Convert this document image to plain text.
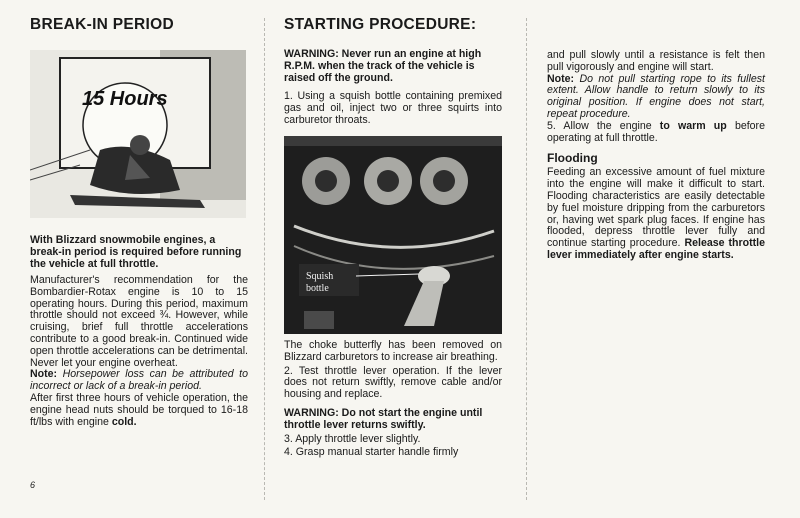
BREAK-IN PERIOD
15 Hours

With Blizzard snowmobile engines, a break-in period is required before running the vehicle at full throttle.

Manufacturer's recommendation for the Bombardier-Rotax engine is 10 to 15 operating hours. During this period, maximum throttle should not exceed ¾. However, while cruising, brief full throttle accelerations contribute to a good break-in. Continued wide open throttle accelerations can be detrimental. Never let your engine overheat.

Note: Horsepower loss can be attributed to incorrect or lack of a break-in period.

After first three hours of vehicle operation, the engine head nuts should be torqued to 16-18 ft/lbs with engine cold.

6
STARTING PROCEDURE:

WARNING: Never run an engine at high R.P.M. when the track of the vehicle is raised off the ground.

1. Using a squish bottle containing premixed gas and oil, inject two or three squirts into carburetor throats.

Squish
bottle

The choke butterfly has been removed on Blizzard carburetors to increase air breathing.

2. Test throttle lever operation. If the lever does not return swiftly, remove cable and/or housing and replace.

WARNING: Do not start the engine until throttle lever returns swiftly.

3. Apply throttle lever slightly.

4. Grasp manual starter handle firmly

and pull slowly until a resistance is felt then pull vigorously and engine will start.

Note: Do not pull starting rope to its fullest extent. Allow handle to return slowly to its original position. If engine does not start, repeat procedure.

5. Allow the engine to warm up before operating at full throttle.

Flooding

Feeding an excessive amount of fuel mixture into the engine will make it difficult to start. Flooding characteristics are easily detectable by fuel moisture dripping from the carburetors or, having wet spark plug faces. If engine has flooded, depress throttle lever fully and continue starting procedure. Release throttle lever immediately after engine starts.
